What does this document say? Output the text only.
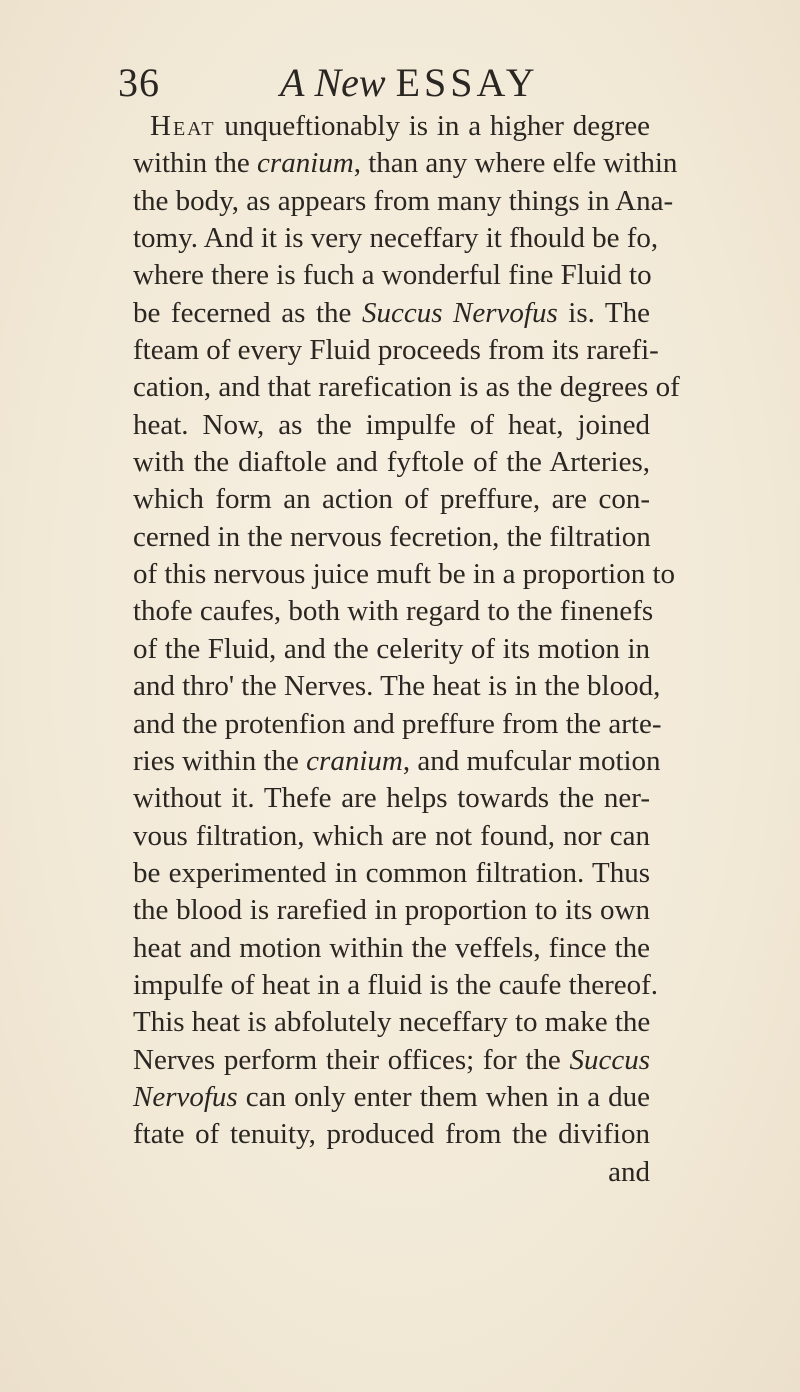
36	A New ESSAY
Heat unqueftionably is in a higher degree
within the cranium, than any where elfe within
the body, as appears from many things in Ana-
tomy. And it is very neceffary it fhould be fo,
where there is fuch a wonderful fine Fluid to
be fecerned as the Succus Nervofus is. The
fteam of every Fluid proceeds from its rarefi-
cation, and that rarefication is as the degrees of
heat. Now, as the impulfe of heat, joined
with the diaftole and fyftole of the Arteries,
which form an action of preffure, are con-
cerned in the nervous fecretion, the filtration
of this nervous juice muft be in a proportion to
thofe caufes, both with regard to the finenefs
of the Fluid, and the celerity of its motion in
and thro' the Nerves. The heat is in the blood,
and the protenfion and preffure from the arte-
ries within the cranium, and mufcular motion
without it. Thefe are helps towards the ner-
vous filtration, which are not found, nor can
be experimented in common filtration. Thus
the blood is rarefied in proportion to its own
heat and motion within the veffels, fince the
impulfe of heat in a fluid is the caufe thereof.
This heat is abfolutely neceffary to make the
Nerves perform their offices; for the Succus
Nervofus can only enter them when in a due
ftate of tenuity, produced from the divifion
and
